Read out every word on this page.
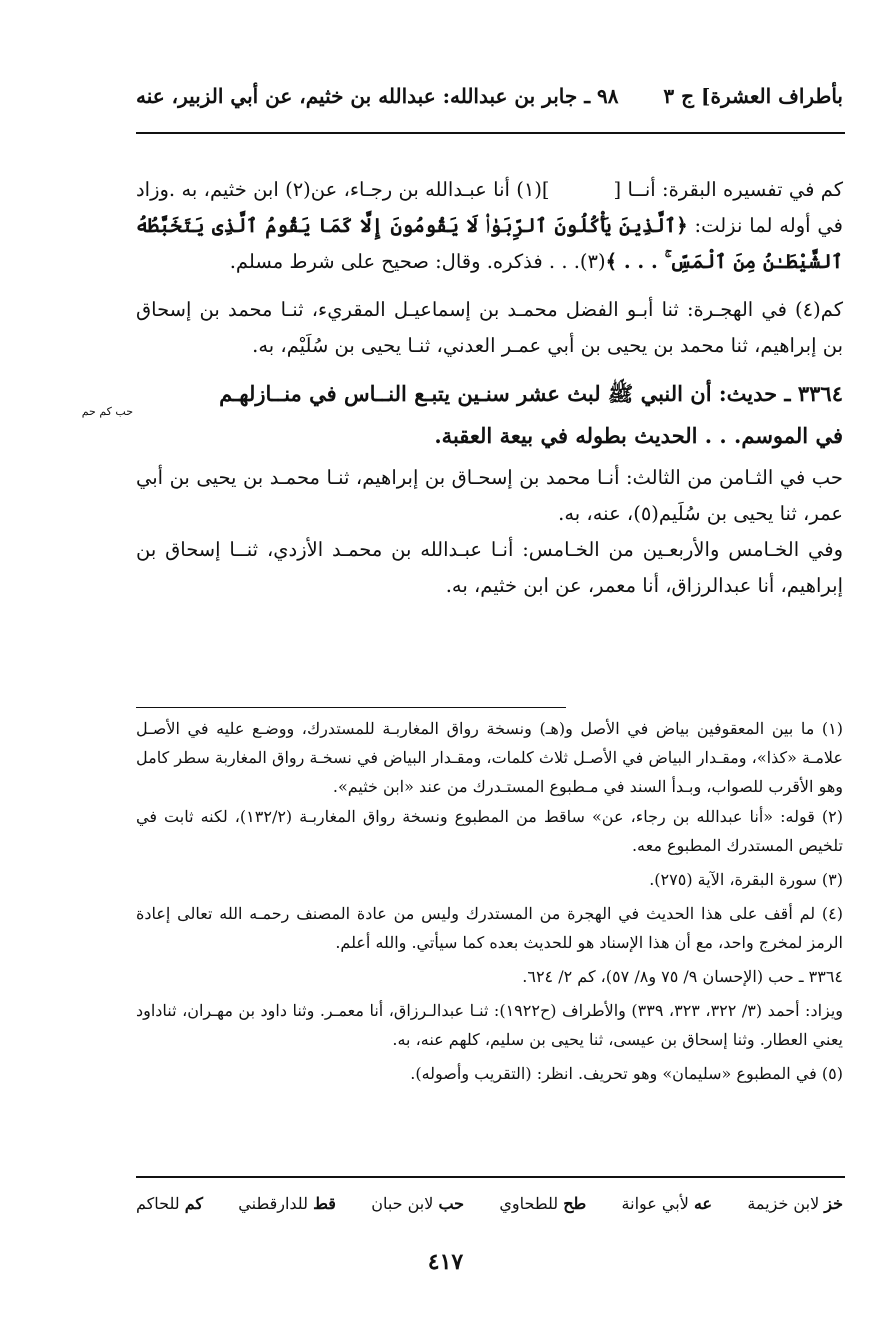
بأطراف العشرة] ج ٣
٩٨ ـ جابر بن عبدالله: عبدالله بن خثيم، عن أبي الزبير، عنه

كم في تفسيره البقرة: أنــا [](١) أنا عبـدالله بن رجـاء، عن(٢) ابن خثيم، به .وزاد في أوله لما نزلت: ﴿ٱلَّذِينَ يَأْكُلُونَ ٱلرِّبَوٰا۟ لَا يَقُومُونَ إِلَّا كَمَا يَقُومُ ٱلَّذِى يَتَخَبَّطُهُ ٱلشَّيْطَـٰنُ مِنَ ٱلْمَسِّ ۚ . . . ﴾(٣). . . فذكره. وقال: صحيح على شرط مسلم.

كم(٤) في الهجـرة: ثنا أبـو الفضل محمـد بن إسماعيـل المقريء، ثنـا محمد بن إسحاق بن إبراهيم، ثنا محمد بن يحيى بن أبي عمـر العدني، ثنـا يحيى بن سُلَيْم، به.

٣٣٦٤ ـ حديث: أن النبي ﷺ لبث عشر سنـين يتبـع النــاس في منــازلهـم
حب كم حم
في الموسم. . . الحديث بطوله في بيعة العقبة.

حب في الثـامن من الثالث: أنـا محمد بن إسحـاق بن إبراهيم، ثنـا محمـد بن يحيى بن أبي عمر، ثنا يحيى بن سُلَيم(٥)، عنه، به.

وفي الخـامس والأربعـين من الخـامس: أنـا عبـدالله بن محمـد الأزدي، ثنــا إسحاق بن إبراهيم، أنا عبدالرزاق، أنا معمر، عن ابن خثيم، به.

(١) ما بين المعقوفين بياض في الأصل و(هـ) ونسخة رواق المغاربـة للمستدرك، ووضـع عليه في الأصـل علامـة «كذا»، ومقـدار البياض في الأصـل ثلاث كلمات، ومقـدار البياض في نسخـة رواق المغاربة سطر كامل وهو الأقرب للصواب، وبـدأ السند في مـطبوع المستـدرك من عند «ابن خثيم».

(٢) قوله: «أنا عبدالله بن رجاء، عن» ساقط من المطبوع ونسخة رواق المغاربـة (١٣٢/٢)، لكنه ثابت في تلخيص المستدرك المطبوع معه.

(٣) سورة البقرة، الآية (٢٧٥).

(٤) لم أقف على هذا الحديث في الهجرة من المستدرك وليس من عادة المصنف رحمـه الله تعالى إعادة الرمز لمخرج واحد، مع أن هذا الإسناد هو للحديث بعده كما سيأتي. والله أعلم.

٣٣٦٤ ـ حب (الإحسان ٩/ ٧٥ و٨/ ٥٧)، كم ٢/ ٦٢٤.

ويزاد: أحمد (٣/ ٣٢٢، ٣٢٣، ٣٣٩) والأطراف (ح١٩٢٢): ثنـا عبدالـرزاق، أنا معمـر. وثنا داود بن مهـران، ثناداود يعني العطار. وثنا إسحاق بن عيسى، ثنا يحيى بن سليم، كلهم عنه، به.

(٥) في المطبوع «سليمان» وهو تحريف. انظر: (التقريب وأصوله).

خز لابن خزيمة
عه لأبي عوانة
طح للطحاوي
حب لابن حبان
قط للدارقطني
كم للحاكم
٤١٧
